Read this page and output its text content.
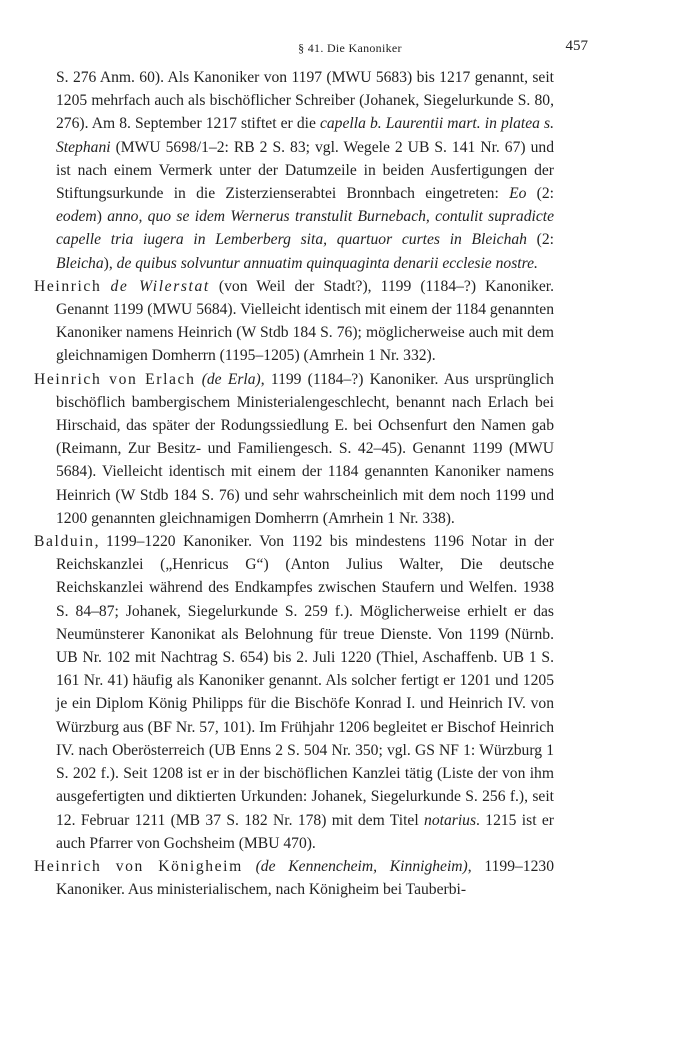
§ 41. Die Kanoniker	457

S. 276 Anm. 60). Als Kanoniker von 1197 (MWU 5683) bis 1217 genannt, seit 1205 mehrfach auch als bischöflicher Schreiber (Johanek, Siegelurkunde S. 80, 276). Am 8. September 1217 stiftet er die capella b. Laurentii mart. in platea s. Stephani (MWU 5698/1–2: RB 2 S. 83; vgl. Wegele 2 UB S. 141 Nr. 67) und ist nach einem Vermerk unter der Datumzeile in beiden Ausfertigungen der Stiftungsurkunde in die Zisterzienserabtei Bronnbach eingetreten: Eo (2: eodem) anno, quo se idem Wernerus transtulit Burnebach, contulit supradicte capelle tria iugera in Lemberberg sita, quartuor curtes in Bleichah (2: Bleicha), de quibus solvuntur annuatim quinquaginta denarii ecclesie nostre.

Heinrich de Wilerstat (von Weil der Stadt?), 1199 (1184–?) Kanoniker. Genannt 1199 (MWU 5684). Vielleicht identisch mit einem der 1184 genannten Kanoniker namens Heinrich (W Stdb 184 S. 76); möglicherweise auch mit dem gleichnamigen Domherrn (1195–1205) (Amrhein 1 Nr. 332).

Heinrich von Erlach (de Erla), 1199 (1184–?) Kanoniker. Aus ursprünglich bischöflich bambergischem Ministerialengeschlecht, benannt nach Erlach bei Hirschaid, das später der Rodungssiedlung E. bei Ochsenfurt den Namen gab (Reimann, Zur Besitz- und Familiengesch. S. 42–45). Genannt 1199 (MWU 5684). Vielleicht identisch mit einem der 1184 genannten Kanoniker namens Heinrich (W Stdb 184 S. 76) und sehr wahrscheinlich mit dem noch 1199 und 1200 genannten gleichnamigen Domherrn (Amrhein 1 Nr. 338).

Balduin, 1199–1220 Kanoniker. Von 1192 bis mindestens 1196 Notar in der Reichskanzlei („Henricus G“) (Anton Julius Walter, Die deutsche Reichskanzlei während des Endkampfes zwischen Staufern und Welfen. 1938 S. 84–87; Johanek, Siegelurkunde S. 259 f.). Möglicherweise erhielt er das Neumünsterer Kanonikat als Belohnung für treue Dienste. Von 1199 (Nürnb. UB Nr. 102 mit Nachtrag S. 654) bis 2. Juli 1220 (Thiel, Aschaffenb. UB 1 S. 161 Nr. 41) häufig als Kanoniker genannt. Als solcher fertigt er 1201 und 1205 je ein Diplom König Philipps für die Bischöfe Konrad I. und Heinrich IV. von Würzburg aus (BF Nr. 57, 101). Im Frühjahr 1206 begleitet er Bischof Heinrich IV. nach Oberösterreich (UB Enns 2 S. 504 Nr. 350; vgl. GS NF 1: Würzburg 1 S. 202 f.). Seit 1208 ist er in der bischöflichen Kanzlei tätig (Liste der von ihm ausgefertigten und diktierten Urkunden: Johanek, Siegelurkunde S. 256 f.), seit 12. Februar 1211 (MB 37 S. 182 Nr. 178) mit dem Titel notarius. 1215 ist er auch Pfarrer von Gochsheim (MBU 470).

Heinrich von Königheim (de Kennencheim, Kinnigheim), 1199–1230 Kanoniker. Aus ministerialischem, nach Königheim bei Tauberbi-
